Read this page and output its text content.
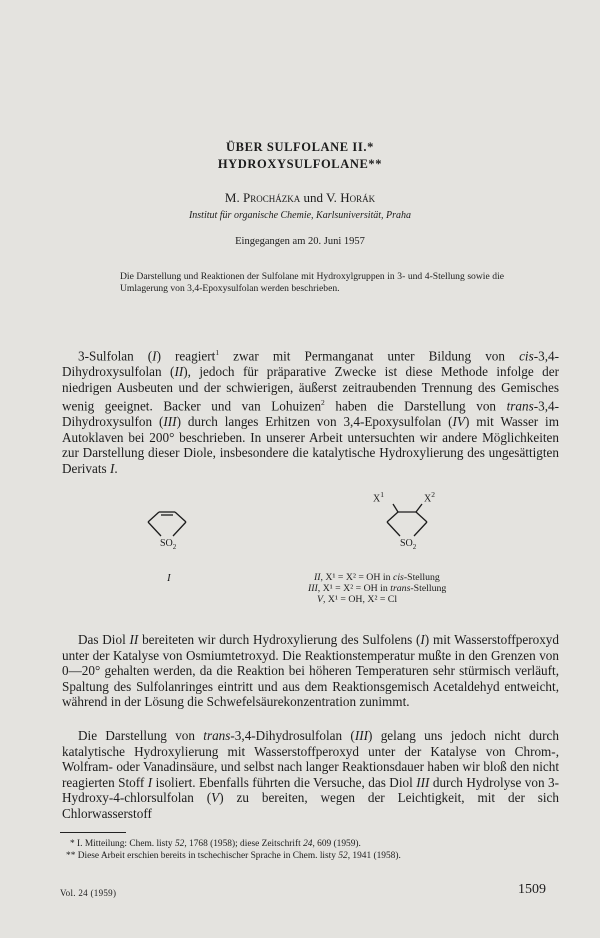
ÜBER SULFOLANE II.*
HYDROXYSULFOLANE**
M. Procházka und V. Horák
Institut für organische Chemie, Karlsuniversität, Praha
Eingegangen am 20. Juni 1957
Die Darstellung und Reaktionen der Sulfolane mit Hydroxylgruppen in 3- und 4-Stellung sowie die Umlagerung von 3,4-Epoxysulfolan werden beschrieben.
3-Sulfolan (I) reagiert$^1$ zwar mit Permanganat unter Bildung von cis-3,4-Dihydroxysulfolan (II), jedoch für präparative Zwecke ist diese Methode infolge der niedrigen Ausbeuten und der schwierigen, äußerst zeitraubenden Trennung des Gemisches wenig geeignet. Backer und van Lohuizen$^2$ haben die Darstellung von trans-3,4-Dihydroxysulfon (III) durch langes Erhitzen von 3,4-Epoxysulfolan (IV) mit Wasser im Autoklaven bei 200° beschrieben. In unserer Arbeit untersuchten wir andere Möglichkeiten zur Darstellung dieser Diole, insbesondere die katalytische Hydroxylierung des ungesättigten Derivats I.
$SO_2$
I
$X^1$	$X^2$
$SO_2$
II, X¹ = X² = OH in cis-Stellung
III, X¹ = X² = OH in trans-Stellung
V, X¹ = OH, X² = Cl
Das Diol II bereiteten wir durch Hydroxylierung des Sulfolens (I) mit Wasserstoffperoxyd unter der Katalyse von Osmiumtetroxyd. Die Reaktionstemperatur mußte in den Grenzen von 0—20° gehalten werden, da die Reaktion bei höheren Temperaturen sehr stürmisch verläuft, Spaltung des Sulfolanringes eintritt und aus dem Reaktionsgemisch Acetaldehyd entweicht, während in der Lösung die Schwefelsäurekonzentration zunimmt.
Die Darstellung von trans-3,4-Dihydrosulfolan (III) gelang uns jedoch nicht durch katalytische Hydroxylierung mit Wasserstoffperoxyd unter der Katalyse von Chrom-, Wolfram- oder Vanadinsäure, und selbst nach langer Reaktionsdauer haben wir bloß den nicht reagierten Stoff I isoliert. Ebenfalls führten die Versuche, das Diol III durch Hydrolyse von 3-Hydroxy-4-chlorsulfolan (V) zu bereiten, wegen der Leichtigkeit, mit der sich Chlorwasserstoff
* I. Mitteilung: Chem. listy 52, 1768 (1958); diese Zeitschrift 24, 609 (1959).
** Diese Arbeit erschien bereits in tschechischer Sprache in Chem. listy 52, 1941 (1958).
Vol. 24 (1959)	1509
